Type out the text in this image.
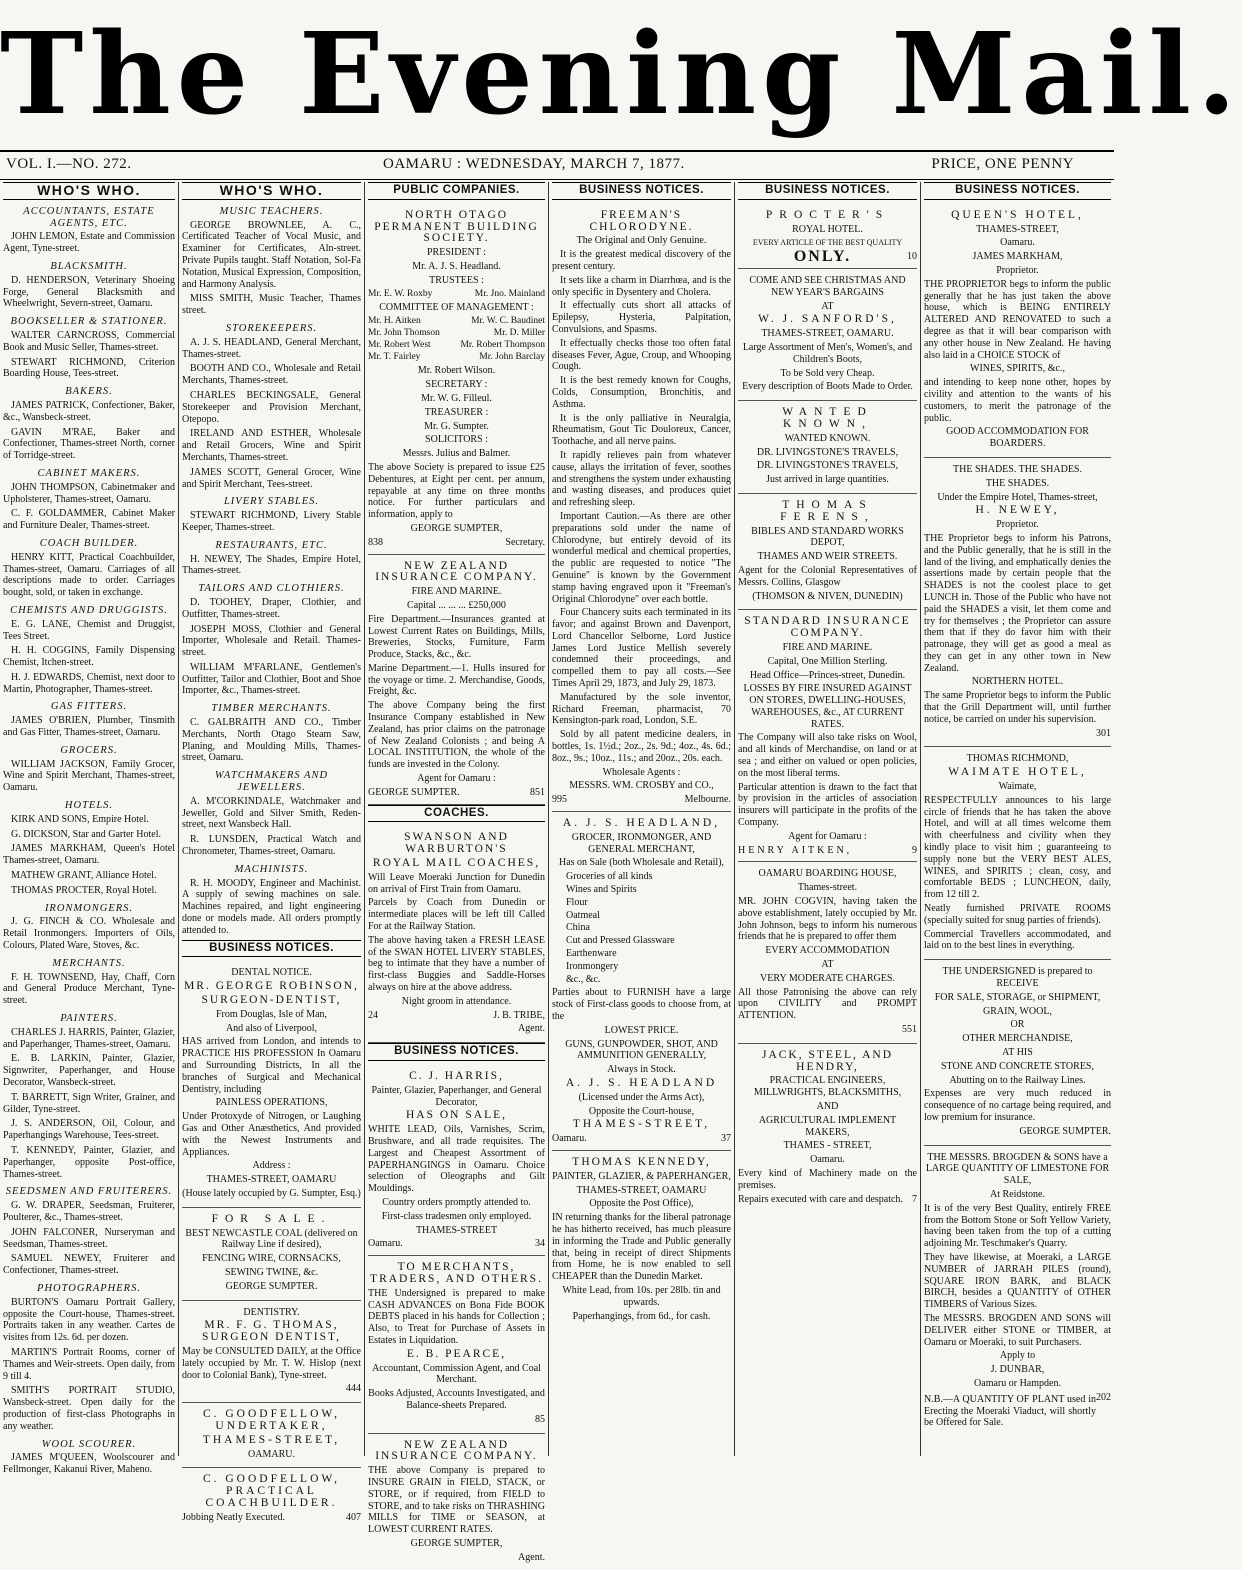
The Evening Mail.
VOL. I.—NO. 272.	OAMARU : WEDNESDAY, MARCH 7, 1877.	PRICE, ONE PENNY
WHO'S WHO.
ACCOUNTANTS, ESTATE AGENTS, ETC.

JOHN LEMON, Estate and Commission Agent, Tyne-street.

BLACKSMITH.

D. HENDERSON, Veterinary Shoeing Forge, General Blacksmith and Wheelwright, Severn-street, Oamaru.

BOOKSELLER & STATIONER.

WALTER CARNCROSS, Commercial Book and Music Seller, Thames-street.

STEWART RICHMOND, Criterion Boarding House, Tees-street.

BAKERS.

JAMES PATRICK, Confectioner, Baker, &c., Wansbeck-street.

GAVIN M'RAE, Baker and Confectioner, Thames-street North, corner of Torridge-street.

CABINET MAKERS.

JOHN THOMPSON, Cabinetmaker and Upholsterer, Thames-street, Oamaru.

C. F. GOLDAMMER, Cabinet Maker and Furniture Dealer, Thames-street.

COACH BUILDER.

HENRY KITT, Practical Coachbuilder, Thames-street, Oamaru. Carriages of all descriptions made to order. Carriages bought, sold, or taken in exchange.

CHEMISTS AND DRUGGISTS.

E. G. LANE, Chemist and Druggist, Tees Street.

H. H. COGGINS, Family Dispensing Chemist, Itchen-street.

H. J. EDWARDS, Chemist, next door to Martin, Photographer, Thames-street.

GAS FITTERS.

JAMES O'BRIEN, Plumber, Tinsmith and Gas Fitter, Thames-street, Oamaru.

GROCERS.

WILLIAM JACKSON, Family Grocer, Wine and Spirit Merchant, Thames-street, Oamaru.

HOTELS.

KIRK AND SONS, Empire Hotel.

G. DICKSON, Star and Garter Hotel.

JAMES MARKHAM, Queen's Hotel Thames-street, Oamaru.

MATHEW GRANT, Alliance Hotel.

THOMAS PROCTER, Royal Hotel.

IRONMONGERS.

J. G. FINCH & CO. Wholesale and Retail Ironmongers. Importers of Oils, Colours, Plated Ware, Stoves, &c.

MERCHANTS.

F. H. TOWNSEND, Hay, Chaff, Corn and General Produce Merchant, Tyne-street.

PAINTERS.

CHARLES J. HARRIS, Painter, Glazier, and Paperhanger, Thames-street, Oamaru.

E. B. LARKIN, Painter, Glazier, Signwriter, Paperhanger, and House Decorator, Wansbeck-street.

T. BARRETT, Sign Writer, Grainer, and Gilder, Tyne-street.

J. S. ANDERSON, Oil, Colour, and Paperhangings Warehouse, Tees-street.

T. KENNEDY, Painter, Glazier, and Paperhanger, opposite Post-office, Thames-street.

SEEDSMEN AND FRUITERERS.

G. W. DRAPER, Seedsman, Fruiterer, Poulterer, &c., Thames-street.

JOHN FALCONER, Nurseryman and Seedsman, Thames-street.

SAMUEL NEWEY, Fruiterer and Confectioner, Thames-street.

PHOTOGRAPHERS.

BURTON'S Oamaru Portrait Gallery, opposite the Court-house, Thames-street. Portraits taken in any weather. Cartes de visites from 12s. 6d. per dozen.

MARTIN'S Portrait Rooms, corner of Thames and Weir-streets. Open daily, from 9 till 4.

SMITH'S PORTRAIT STUDIO, Wansbeck-street. Open daily for the production of first-class Photographs in any weather.

WOOL SCOURER.

JAMES M'QUEEN, Woolscourer and Fellmonger, Kakanui River, Maheno.

WHO'S WHO.
MUSIC TEACHERS.

GEORGE BROWNLEE, A. C., Certificated Teacher of Vocal Music, and Examiner for Certificates, Aln-street. Private Pupils taught. Staff Notation, Sol-Fa Notation, Musical Expression, Composition, and Harmony Analysis.

MISS SMITH, Music Teacher, Thames street.

STOREKEEPERS.

A. J. S. HEADLAND, General Merchant, Thames-street.

BOOTH AND CO., Wholesale and Retail Merchants, Thames-street.

CHARLES BECKINGSALE, General Storekeeper and Provision Merchant, Otepopo.

IRELAND AND ESTHER, Wholesale and Retail Grocers, Wine and Spirit Merchants, Thames-street.

JAMES SCOTT, General Grocer, Wine and Spirit Merchant, Tees-street.

LIVERY STABLES.

STEWART RICHMOND, Livery Stable Keeper, Thames-street.

RESTAURANTS, ETC.

H. NEWEY, The Shades, Empire Hotel, Thames-street.

TAILORS AND CLOTHIERS.

D. TOOHEY, Draper, Clothier, and Outfitter, Thames-street.

JOSEPH MOSS, Clothier and General Importer, Wholesale and Retail. Thames-street.

WILLIAM M'FARLANE, Gentlemen's Outfitter, Tailor and Clothier, Boot and Shoe Importer, &c., Thames-street.

TIMBER MERCHANTS.

C. GALBRAITH AND CO., Timber Merchants, North Otago Steam Saw, Planing, and Moulding Mills, Thames-street, Oamaru.

WATCHMAKERS AND JEWELLERS.

A. M'CORKINDALE, Watchmaker and Jeweller, Gold and Silver Smith, Reden-street, next Wansbeck Hall.

R. LUNSDEN, Practical Watch and Chronometer, Thames-street, Oamaru.

MACHINISTS.

R. H. MOODY, Engineer and Machinist. A supply of sewing machines on sale. Machines repaired, and light engineering done or models made. All orders promptly attended to.

BUSINESS NOTICES.

DENTAL NOTICE.

MR. GEORGE ROBINSON,

SURGEON-DENTIST,

From Douglas, Isle of Man,

And also of Liverpool,

HAS arrived from London, and intends to PRACTICE HIS PROFESSION In Oamaru and Surrounding Districts, In all the branches of Surgical and Mechanical Dentistry, including

PAINLESS OPERATIONS,

Under Protoxyde of Nitrogen, or Laughing Gas and Other Anæsthetics, And provided with the Newest Instruments and Appliances.

Address :

THAMES-STREET, OAMARU

(House lately occupied by G. Sumpter, Esq.)

FOR SALE.

BEST NEWCASTLE COAL (delivered on Railway Line if desired),

FENCING WIRE, CORNSACKS,

SEWING TWINE, &c.

GEORGE SUMPTER.

DENTISTRY.

MR. F. G. THOMAS, SURGEON DENTIST,

May be CONSULTED DAILY, at the Office lately occupied by Mr. T. W. Hislop (next door to Colonial Bank), Tyne-street.

444

C. GOODFELLOW, UNDERTAKER,

THAMES-STREET,

OAMARU.

C. GOODFELLOW, PRACTICAL COACHBUILDER.

Jobbing Neatly Executed.	407
PUBLIC COMPANIES.

NORTH OTAGO PERMANENT BUILDING SOCIETY.

PRESIDENT :

Mr. A. J. S. Headland.

TRUSTEES :

Mr. E. W. Roxby	Mr. Jno. Mainland

COMMITTEE OF MANAGEMENT :

Mr. H. Aitken	Mr. W. C. Baudinet
Mr. John Thomson	Mr. D. Miller
Mr. Robert West	Mr. Robert Thompson
Mr. T. Fairley	Mr. John Barclay

Mr. Robert Wilson.

SECRETARY :

Mr. W. G. Filleul.

TREASURER :

Mr. G. Sumpter.

SOLICITORS :

Messrs. Julius and Balmer.

The above Society is prepared to issue £25 Debentures, at Eight per cent. per annum, repayable at any time on three months notice. For further particulars and information, apply to

GEORGE SUMPTER,

838	Secretary.

NEW ZEALAND INSURANCE COMPANY.

FIRE AND MARINE.

Capital ... ... ... £250,000

Fire Department.—Insurances granted at Lowest Current Rates on Buildings, Mills, Breweries, Stocks, Furniture, Farm Produce, Stacks, &c., &c.

Marine Department.—1. Hulls insured for the voyage or time. 2. Merchandise, Goods, Freight, &c.

The above Company being the first Insurance Company established in New Zealand, has prior claims on the patronage of New Zealand Colonists ; and being A LOCAL INSTITUTION, the whole of the funds are invested in the Colony.

Agent for Oamaru :

GEORGE SUMPTER.	851
COACHES.

SWANSON AND WARBURTON'S

ROYAL MAIL COACHES,

Will Leave Moeraki Junction for Dunedin on arrival of First Train from Oamaru.

Parcels by Coach from Dunedin or intermediate places will be left till Called For at the Railway Station.

The above having taken a FRESH LEASE of the SWAN HOTEL LIVERY STABLES, beg to intimate that they have a number of first-class Buggies and Saddle-Horses always on hire at the above address.

Night groom in attendance.

24	J. B. TRIBE,

Agent.

BUSINESS NOTICES.

C. J. HARRIS,

Painter, Glazier, Paperhanger, and General Decorator,

HAS ON SALE,

WHITE LEAD, Oils, Varnishes, Scrim, Brushware, and all trade requisites. The Largest and Cheapest Assortment of PAPERHANGINGS in Oamaru. Choice selection of Oleographs and Gilt Mouldings.

Country orders promptly attended to.

First-class tradesmen only employed.

THAMES-STREET

Oamaru.	34

TO MERCHANTS, TRADERS, AND OTHERS.

THE Undersigned is prepared to make CASH ADVANCES on Bona Fide BOOK DEBTS placed in his hands for Collection ; Also, to Treat for Purchase of Assets in Estates in Liquidation.

E. B. PEARCE,

Accountant, Commission Agent, and Coal Merchant.

Books Adjusted, Accounts Investigated, and Balance-sheets Prepared.

85

NEW ZEALAND INSURANCE COMPANY.

THE above Company is prepared to INSURE GRAIN in FIELD, STACK, or STORE, or if required, from FIELD to STORE, and to take risks on THRASHING MILLS for TIME or SEASON, at LOWEST CURRENT RATES.

GEORGE SUMPTER,

Agent.

BUSINESS NOTICES.

FREEMAN'S CHLORODYNE.

The Original and Only Genuine.

It is the greatest medical discovery of the present century.

It sets like a charm in Diarrhœa, and is the only specific in Dysentery and Cholera.

It effectually cuts short all attacks of Epilepsy, Hysteria, Palpitation, Convulsions, and Spasms.

It effectually checks those too often fatal diseases Fever, Ague, Croup, and Whooping Cough.

It is the best remedy known for Coughs, Colds, Consumption, Bronchitis, and Asthma.

It is the only palliative in Neuralgia, Rheumatism, Gout Tic Douloreux, Cancer, Toothache, and all nerve pains.

It rapidly relieves pain from whatever cause, allays the irritation of fever, soothes and strengthens the system under exhausting and wasting diseases, and produces quiet and refreshing sleep.

Important Caution.—As there are other preparations sold under the name of Chlorodyne, but entirely devoid of its wonderful medical and chemical properties, the public are requested to notice "The Genuine" is known by the Government stamp having engraved upon it "Freeman's Original Chlorodyne" over each bottle.

Four Chancery suits each terminated in its favor; and against Brown and Davenport, Lord Chancellor Selborne, Lord Justice James Lord Justice Mellish severely condemned their proceedings, and compelled them to pay all costs.—See Times April 29, 1873, and July 29, 1873.

Manufactured by the sole inventor, Richard Freeman, pharmacist, 70 Kensington-park road, London, S.E.

Sold by all patent medicine dealers, in bottles, 1s. 1½d.; 2oz., 2s. 9d.; 4oz., 4s. 6d.; 8oz., 9s.; 10oz., 11s.; and 20oz., 20s. each.

Wholesale Agents :

MESSRS. WM. CROSBY and CO.,

995	Melbourne.

A. J. S. HEADLAND,

GROCER, IRONMONGER, AND GENERAL MERCHANT,

Has on Sale (both Wholesale and Retail),

Groceries of all kinds

Wines and Spirits

Flour

Oatmeal

China

Cut and Pressed Glassware

Earthenware

Ironmongery

&c., &c.

Parties about to FURNISH have a large stock of First-class goods to choose from, at the

LOWEST PRICE.

GUNS, GUNPOWDER, SHOT, AND AMMUNITION GENERALLY,

Always in Stock.

A. J. S. HEADLAND

(Licensed under the Arms Act),

Opposite the Court-house,

THAMES-STREET,

Oamaru.	37

THOMAS KENNEDY,

PAINTER, GLAZIER, & PAPERHANGER,

THAMES-STREET, OAMARU

Opposite the Post Office),

IN returning thanks for the liberal patronage he has hitherto received, has much pleasure in informing the Trade and Public generally that, being in receipt of direct Shipments from Home, he is now enabled to sell CHEAPER than the Dunedin Market.

White Lead, from 10s. per 28lb. tin and upwards.

Paperhangings, from 6d., for cash.

BUSINESS NOTICES.

PROCTER'S

ROYAL HOTEL.

EVERY ARTICLE OF THE BEST QUALITY

ONLY.	10

COME AND SEE CHRISTMAS AND NEW YEAR'S BARGAINS

AT

W. J. SANFORD'S,

THAMES-STREET, OAMARU.

Large Assortment of Men's, Women's, and Children's Boots,

To be Sold very Cheap.

Every description of Boots Made to Order.

WANTED KNOWN,

WANTED KNOWN.

DR. LIVINGSTONE'S TRAVELS,

DR. LIVINGSTONE'S TRAVELS,

Just arrived in large quantities.

THOMAS FERENS,

BIBLES AND STANDARD WORKS DEPOT,

THAMES AND WEIR STREETS.

Agent for the Colonial Representatives of Messrs. Collins, Glasgow

(THOMSON & NIVEN, DUNEDIN)

STANDARD INSURANCE COMPANY.

FIRE AND MARINE.

Capital, One Million Sterling.

Head Office—Princes-street, Dunedin.

LOSSES BY FIRE INSURED AGAINST ON STORES, DWELLING-HOUSES, WAREHOUSES, &c., AT CURRENT RATES.

The Company will also take risks on Wool, and all kinds of Merchandise, on land or at sea ; and either on valued or open policies, on the most liberal terms.

Particular attention is drawn to the fact that by provision in the articles of association insurers will participate in the profits of the Company.

Agent for Oamaru :

HENRY AITKEN,	9

OAMARU BOARDING HOUSE,

Thames-street.

MR. JOHN COGVIN, having taken the above establishment, lately occupied by Mr. John Johnson, begs to inform his numerous friends that he is prepared to offer them

EVERY ACCOMMODATION

AT

VERY MODERATE CHARGES.

All those Patronising the above can rely upon CIVILITY and PROMPT ATTENTION.

551

JACK, STEEL, AND HENDRY,

PRACTICAL ENGINEERS, MILLWRIGHTS, BLACKSMITHS,

AND

AGRICULTURAL IMPLEMENT MAKERS,

THAMES - STREET,

Oamaru.

Every kind of Machinery made on the premises.

Repairs executed with care and despatch. 7
BUSINESS NOTICES.

QUEEN'S HOTEL,

THAMES-STREET,

Oamaru.

JAMES MARKHAM,

Proprietor.

THE PROPRIETOR begs to inform the public generally that he has just taken the above house, which is BEING ENTIRELY ALTERED AND RENOVATED to such a degree as that it will bear comparison with any other house in New Zealand. He having also laid in a CHOICE STOCK of

WINES, SPIRITS, &c.,

and intending to keep none other, hopes by civility and attention to the wants of his customers, to merit the patronage of the public.

GOOD ACCOMMODATION FOR BOARDERS.

THE SHADES. THE SHADES.

THE SHADES.

Under the Empire Hotel, Thames-street,

H. NEWEY,

Proprietor.

THE Proprietor begs to inform his Patrons, and the Public generally, that he is still in the land of the living, and emphatically denies the assertions made by certain people that the SHADES is not the coolest place to get LUNCH in. Those of the Public who have not paid the SHADES a visit, let them come and try for themselves ; the Proprietor can assure them that if they do favor him with their patronage, they will get as good a meal as they can get in any other town in New Zealand.

NORTHERN HOTEL.

The same Proprietor begs to inform the Public that the Grill Department will, until further notice, be carried on under his supervision.

301

THOMAS RICHMOND,

WAIMATE HOTEL,

Waimate,

RESPECTFULLY announces to his large circle of friends that he has taken the above Hotel, and will at all times welcome them with cheerfulness and civility when they kindly place to visit him ; guaranteeing to supply none but the VERY BEST ALES, WINES, and SPIRITS ; clean, cosy, and comfortable BEDS ; LUNCHEON, daily, from 12 till 2.

Neatly furnished PRIVATE ROOMS (specially suited for snug parties of friends).

Commercial Travellers accommodated, and laid on to the best lines in everything.

THE UNDERSIGNED is prepared to RECEIVE

FOR SALE, STORAGE, or SHIPMENT,

GRAIN, WOOL,

OR

OTHER MERCHANDISE,

AT HIS

STONE AND CONCRETE STORES,

Abutting on to the Railway Lines.

Expenses are very much reduced in consequence of no cartage being required, and low premium for insurance.

GEORGE SUMPTER.

THE MESSRS. BROGDEN & SONS have a LARGE QUANTITY OF LIMESTONE FOR SALE,

At Reidstone.

It is of the very Best Quality, entirely FREE from the Bottom Stone or Soft Yellow Variety, having been taken from the top of a cutting adjoining Mr. Teschmaker's Quarry.

They have likewise, at Moeraki, a LARGE NUMBER of JARRAH PILES (round), SQUARE IRON BARK, and BLACK BIRCH, besides a QUANTITY of OTHER TIMBERS of Various Sizes.

The MESSRS. BROGDEN AND SONS will DELIVER either STONE or TIMBER, at Oamaru or Moeraki, to suit Purchasers.

Apply to

J. DUNBAR,

Oamaru or Hampden.

N.B.—A QUANTITY OF PLANT used in Erecting the Moeraki Viaduct, will shortly be Offered for Sale.
202
